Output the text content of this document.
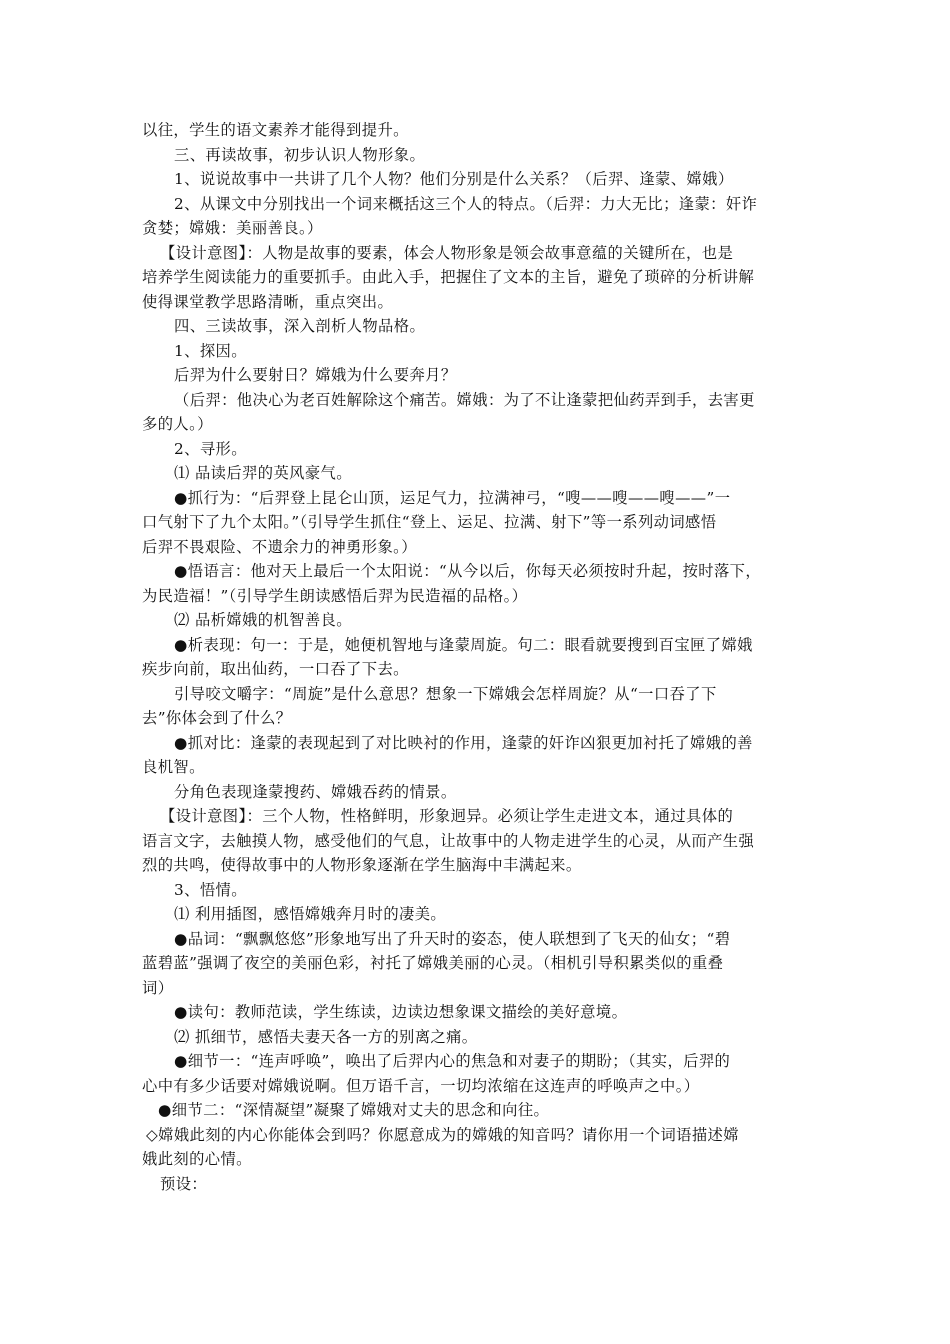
以往，学生的语文素养才能得到提升。
三、再读故事，初步认识人物形象。
1、说说故事中一共讲了几个人物？他们分别是什么关系？（后羿、逢蒙、嫦娥）
2、从课文中分别找出一个词来概括这三个人的特点。（后羿：力大无比；逢蒙：奸诈
贪婪；嫦娥：美丽善良。）
【设计意图】：人物是故事的要素，体会人物形象是领会故事意蕴的关键所在，也是
培养学生阅读能力的重要抓手。由此入手，把握住了文本的主旨，避免了琐碎的分析讲解
使得课堂教学思路清晰，重点突出。
四、三读故事，深入剖析人物品格。
1、探因。
后羿为什么要射日？嫦娥为什么要奔月？
（后羿：他决心为老百姓解除这个痛苦。嫦娥：为了不让逢蒙把仙药弄到手，去害更
多的人。）
2、寻形。
⑴ 品读后羿的英风豪气。
●抓行为：“后羿登上昆仑山顶，运足气力，拉满神弓，“嗖——嗖——嗖——”一
口气射下了九个太阳。”（引导学生抓住“登上、运足、拉满、射下”等一系列动词感悟
后羿不畏艰险、不遗余力的神勇形象。）
●悟语言：他对天上最后一个太阳说：“从今以后，你每天必须按时升起，按时落下，
为民造福！”（引导学生朗读感悟后羿为民造福的品格。）
⑵ 品析嫦娥的机智善良。
●析表现：句一：于是，她便机智地与逢蒙周旋。句二：眼看就要搜到百宝匣了嫦娥
疾步向前，取出仙药，一口吞了下去。
引导咬文嚼字：“周旋”是什么意思？想象一下嫦娥会怎样周旋？从“一口吞了下
去”你体会到了什么？
●抓对比：逢蒙的表现起到了对比映衬的作用，逢蒙的奸诈凶狠更加衬托了嫦娥的善
良机智。
分角色表现逢蒙搜药、嫦娥吞药的情景。
【设计意图】：三个人物，性格鲜明，形象迥异。必须让学生走进文本，通过具体的
语言文字，去触摸人物，感受他们的气息，让故事中的人物走进学生的心灵，从而产生强
烈的共鸣，使得故事中的人物形象逐渐在学生脑海中丰满起来。
3、悟情。
⑴ 利用插图，感悟嫦娥奔月时的凄美。
●品词：“飘飘悠悠”形象地写出了升天时的姿态，使人联想到了飞天的仙女；“碧
蓝碧蓝”强调了夜空的美丽色彩，衬托了嫦娥美丽的心灵。（相机引导积累类似的重叠
词）
●读句：教师范读，学生练读，边读边想象课文描绘的美好意境。
⑵ 抓细节，感悟夫妻天各一方的别离之痛。
●细节一：“连声呼唤”，唤出了后羿内心的焦急和对妻子的期盼；（其实，后羿的
心中有多少话要对嫦娥说啊。但万语千言，一切均浓缩在这连声的呼唤声之中。）
●细节二：“深情凝望”凝聚了嫦娥对丈夫的思念和向往。
◇嫦娥此刻的内心你能体会到吗？你愿意成为的嫦娥的知音吗？请你用一个词语描述嫦
娥此刻的心情。
预设：
